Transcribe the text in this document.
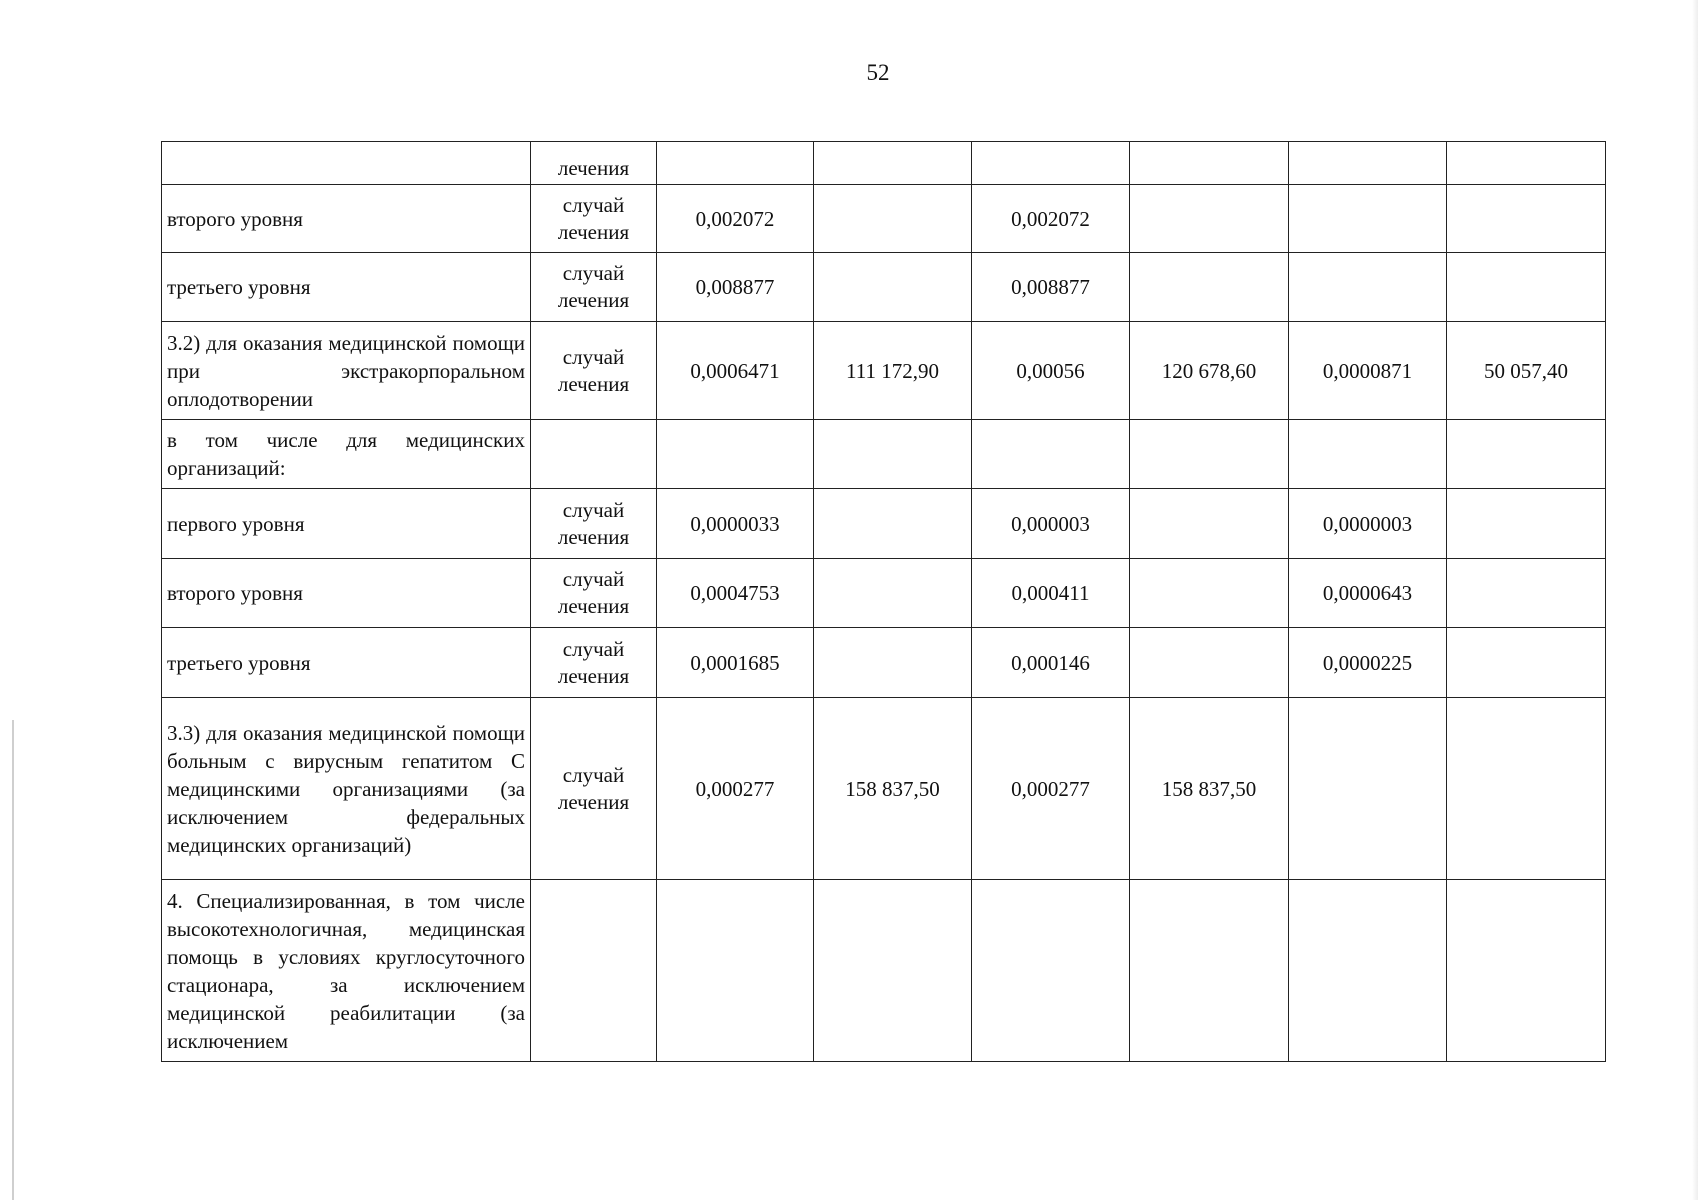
52
	лечения						
второго уровня	случай лечения	0,002072		0,002072			
третьего уровня	случай лечения	0,008877		0,008877			
3.2) для оказания медицинской помощи при экстракорпоральном оплодотворении	случай лечения	0,0006471	111 172,90	0,00056	120 678,60	0,0000871	50 057,40
в том числе для медицинских организаций:							
первого уровня	случай лечения	0,0000033		0,000003		0,0000003	
второго уровня	случай лечения	0,0004753		0,000411		0,0000643	
третьего уровня	случай лечения	0,0001685		0,000146		0,0000225	
3.3) для оказания медицинской помощи больным с вирусным гепатитом С медицинскими организациями (за исключением федеральных медицинских организаций)	случай лечения	0,000277	158 837,50	0,000277	158 837,50		
4. Специализированная, в том числе высокотехнологичная, медицинская помощь в условиях круглосуточного стационара, за исключением медицинской реабилитации (за исключением							
